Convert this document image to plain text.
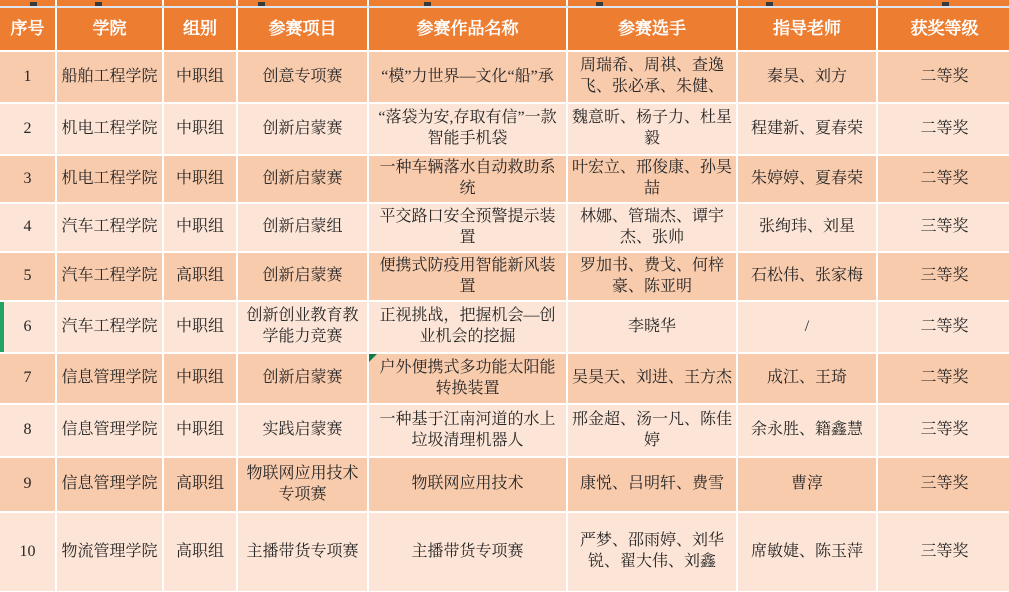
序号	学院	组别	参赛项目	参赛作品名称	参赛选手	指导老师	获奖等级
1	船舶工程学院	中职组	创意专项赛	“模”力世界—文化“船”承	周瑞希、周祺、查逸飞、张必承、朱健、	秦昊、刘方	二等奖
2	机电工程学院	中职组	创新启蒙赛	“落袋为安,存取有信”一款智能手机袋	魏意昕、杨子力、杜星毅	程建新、夏春荣	二等奖
3	机电工程学院	中职组	创新启蒙赛	一种车辆落水自动救助系统	叶宏立、邢俊康、孙昊喆	朱婷婷、夏春荣	二等奖
4	汽车工程学院	中职组	创新启蒙组	平交路口安全预警提示装置	林娜、管瑞杰、谭宇杰、张帅	张绚玮、刘星	三等奖
5	汽车工程学院	高职组	创新启蒙赛	便携式防疫用智能新风装置	罗加书、费戈、何梓豪、陈亚明	石松伟、张家梅	三等奖
6	汽车工程学院	中职组	创新创业教育教学能力竞赛	正视挑战，把握机会—创业机会的挖掘	李晓华	/	二等奖
7	信息管理学院	中职组	创新启蒙赛	户外便携式多功能太阳能转换装置	吴昊天、刘进、王方杰	成江、王琦	二等奖
8	信息管理学院	中职组	实践启蒙赛	一种基于江南河道的水上垃圾清理机器人	邢金超、汤一凡、陈佳婷	余永胜、籍鑫慧	三等奖
9	信息管理学院	高职组	物联网应用技术专项赛	物联网应用技术	康悦、吕明轩、费雪	曹淳	三等奖
10	物流管理学院	高职组	主播带货专项赛	主播带货专项赛	严梦、邵雨婷、刘华锐、翟大伟、刘鑫	席敏婕、陈玉萍	三等奖
